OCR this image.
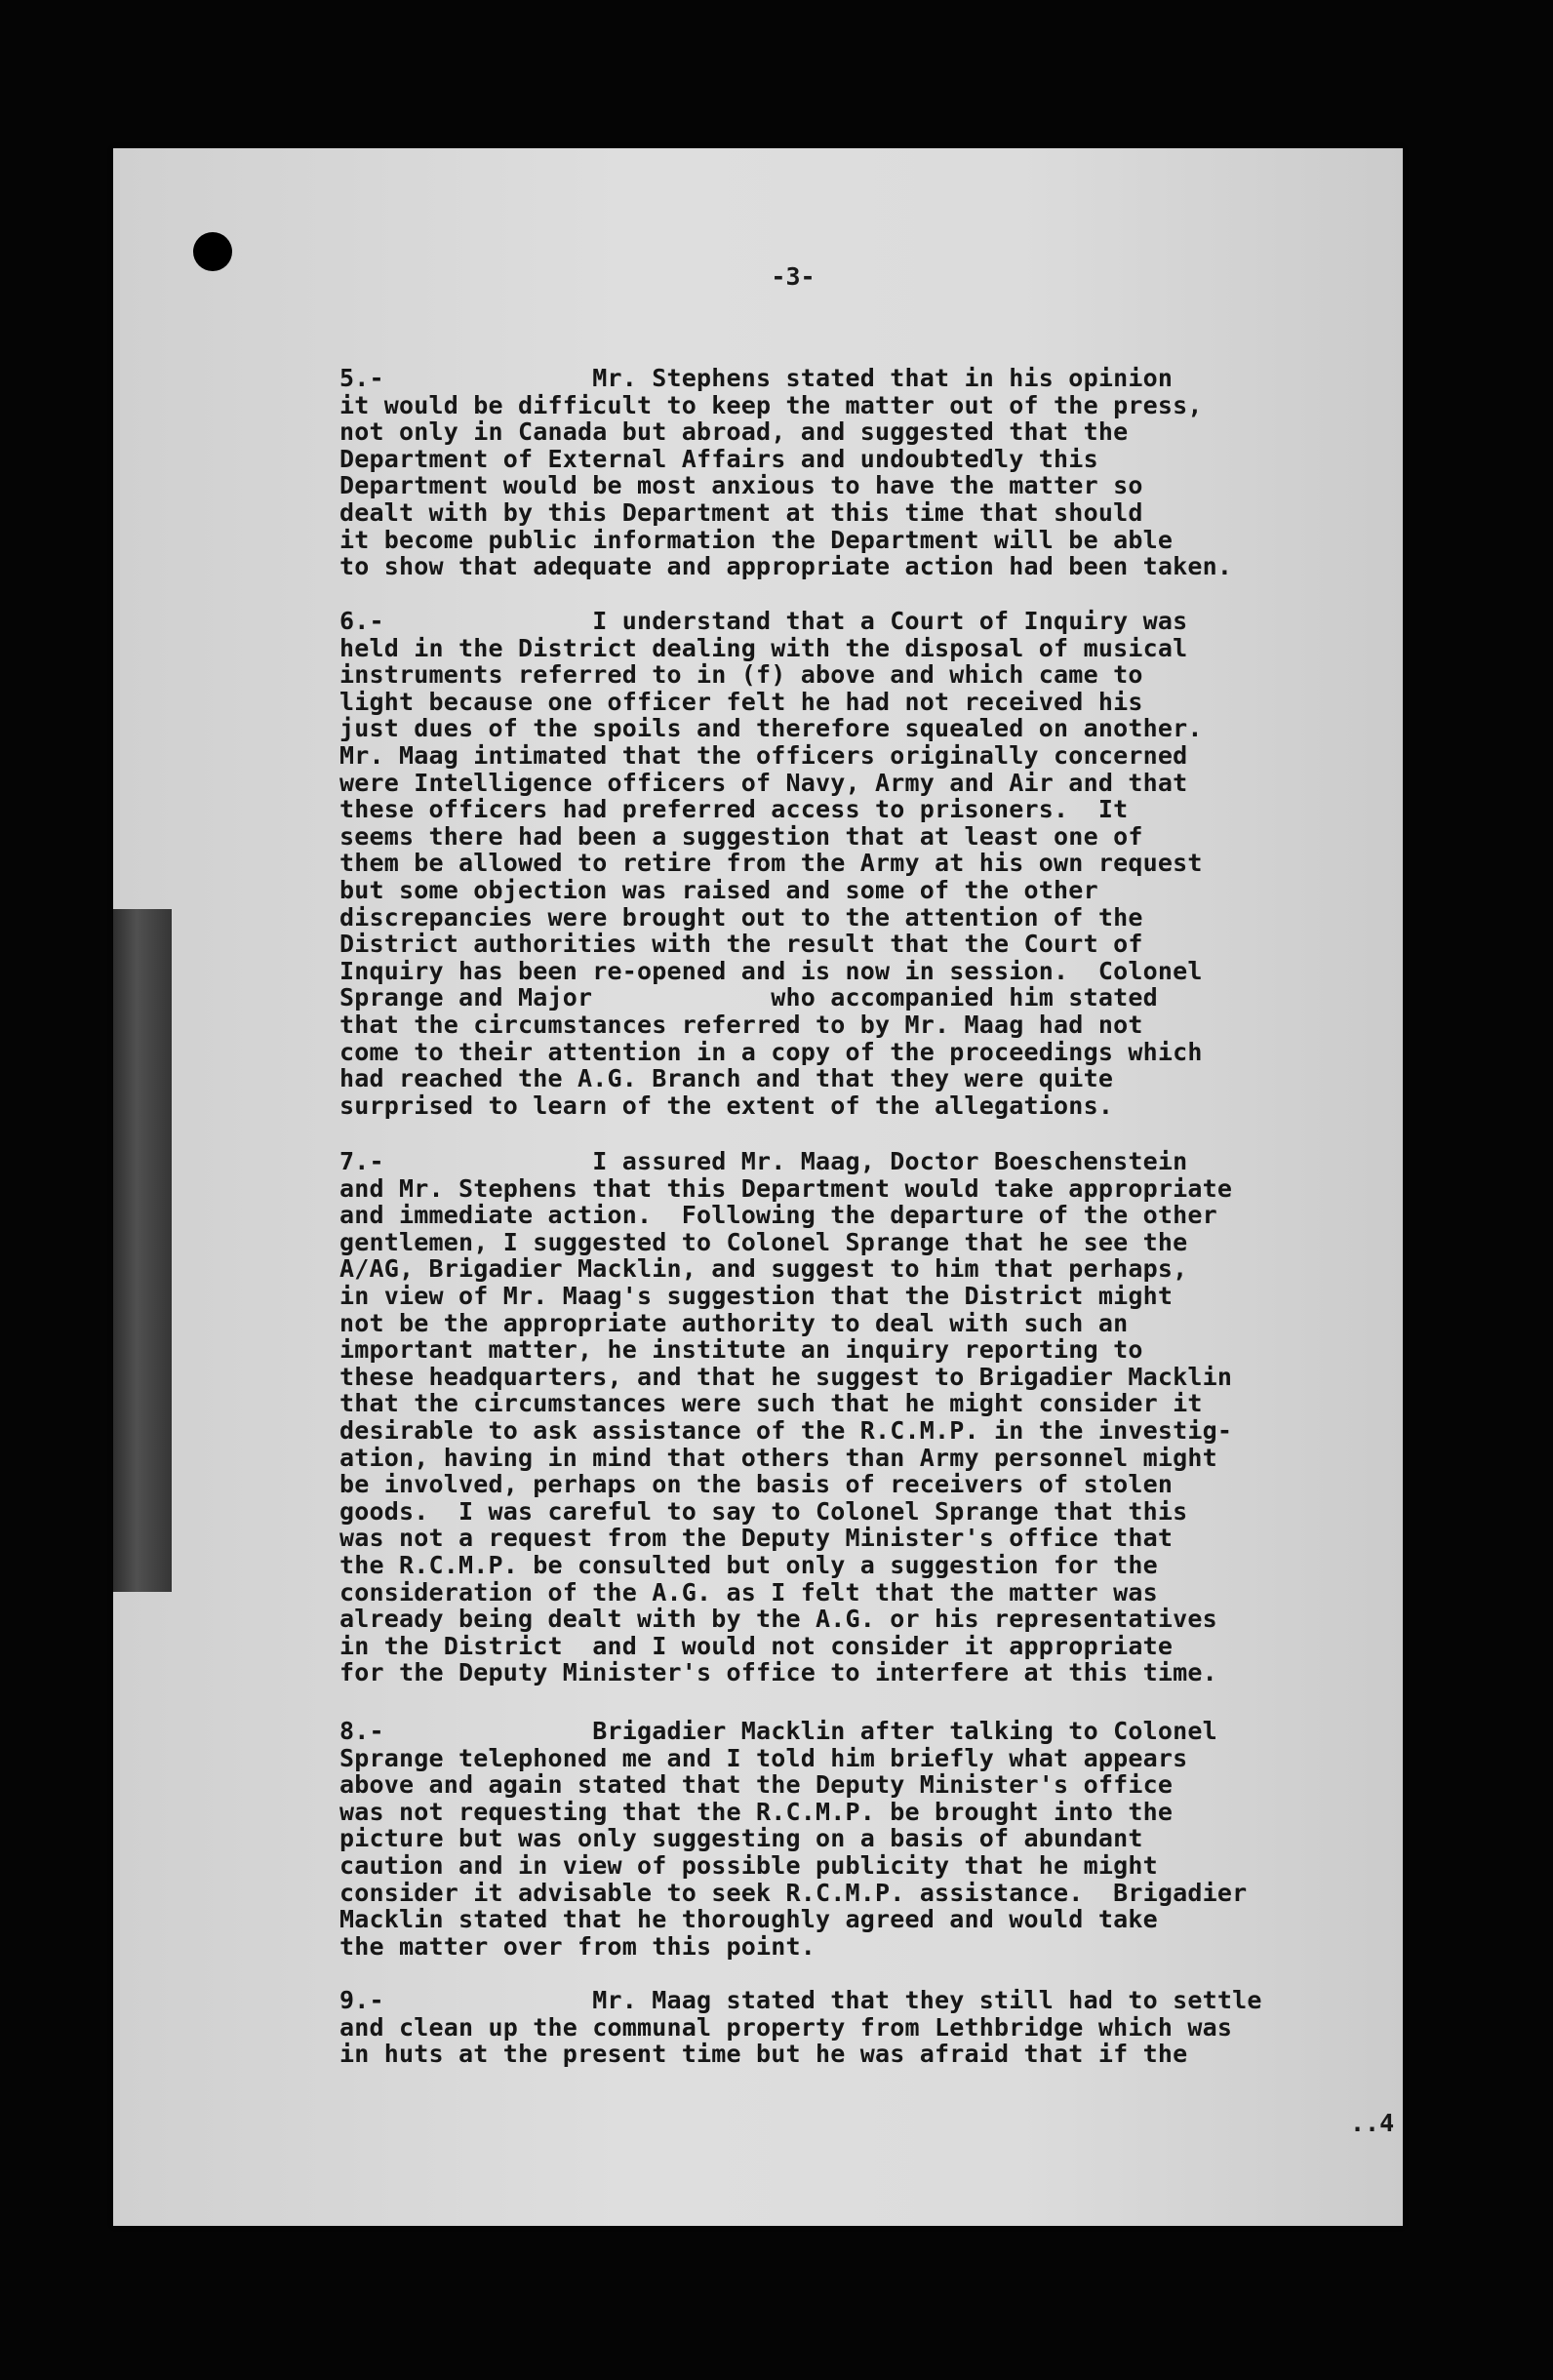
-3-
5.-              Mr. Stephens stated that in his opinion
it would be difficult to keep the matter out of the press,
not only in Canada but abroad, and suggested that the
Department of External Affairs and undoubtedly this
Department would be most anxious to have the matter so
dealt with by this Department at this time that should
it become public information the Department will be able
to show that adequate and appropriate action had been taken.
6.-              I understand that a Court of Inquiry was
held in the District dealing with the disposal of musical
instruments referred to in (f) above and which came to
light because one officer felt he had not received his
just dues of the spoils and therefore squealed on another.
Mr. Maag intimated that the officers originally concerned
were Intelligence officers of Navy, Army and Air and that
these officers had preferred access to prisoners.  It
seems there had been a suggestion that at least one of
them be allowed to retire from the Army at his own request
but some objection was raised and some of the other
discrepancies were brought out to the attention of the
District authorities with the result that the Court of
Inquiry has been re-opened and is now in session.  Colonel
Sprange and Major            who accompanied him stated
that the circumstances referred to by Mr. Maag had not
come to their attention in a copy of the proceedings which
had reached the A.G. Branch and that they were quite
surprised to learn of the extent of the allegations.
7.-              I assured Mr. Maag, Doctor Boeschenstein
and Mr. Stephens that this Department would take appropriate
and immediate action.  Following the departure of the other
gentlemen, I suggested to Colonel Sprange that he see the
A/AG, Brigadier Macklin, and suggest to him that perhaps,
in view of Mr. Maag's suggestion that the District might
not be the appropriate authority to deal with such an
important matter, he institute an inquiry reporting to
these headquarters, and that he suggest to Brigadier Macklin
that the circumstances were such that he might consider it
desirable to ask assistance of the R.C.M.P. in the investig-
ation, having in mind that others than Army personnel might
be involved, perhaps on the basis of receivers of stolen
goods.  I was careful to say to Colonel Sprange that this
was not a request from the Deputy Minister's office that
the R.C.M.P. be consulted but only a suggestion for the
consideration of the A.G. as I felt that the matter was
already being dealt with by the A.G. or his representatives
in the District  and I would not consider it appropriate
for the Deputy Minister's office to interfere at this time.
8.-              Brigadier Macklin after talking to Colonel
Sprange telephoned me and I told him briefly what appears
above and again stated that the Deputy Minister's office
was not requesting that the R.C.M.P. be brought into the
picture but was only suggesting on a basis of abundant
caution and in view of possible publicity that he might
consider it advisable to seek R.C.M.P. assistance.  Brigadier
Macklin stated that he thoroughly agreed and would take
the matter over from this point.
9.-              Mr. Maag stated that they still had to settle
and clean up the communal property from Lethbridge which was
in huts at the present time but he was afraid that if the
..4
